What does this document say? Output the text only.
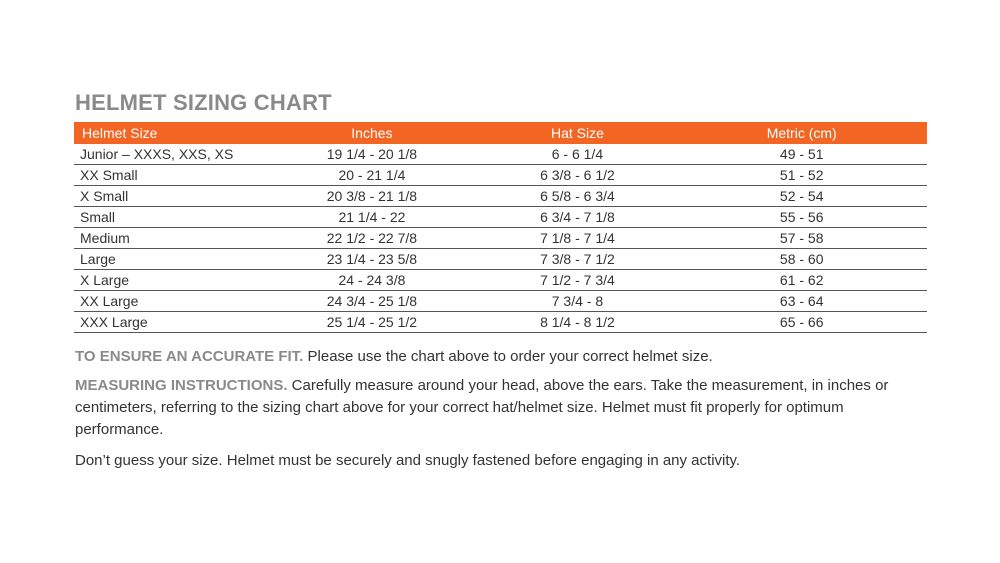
HELMET SIZING CHART
Helmet Size	Inches	Hat Size	Metric (cm)
Junior – XXXS, XXS, XS	19 1/4 - 20 1/8	6 - 6 1/4	49 - 51
XX Small	20 - 21 1/4	6 3/8 - 6 1/2	51 - 52
X Small	20 3/8 - 21 1/8	6 5/8 - 6 3/4	52 - 54
Small	21 1/4 - 22	6 3/4 - 7 1/8	55 - 56
Medium	22 1/2 - 22 7/8	7 1/8 - 7 1/4	57 - 58
Large	23 1/4 - 23 5/8	7 3/8 - 7 1/2	58 - 60
X Large	24 - 24 3/8	7 1/2 - 7 3/4	61 - 62
XX Large	24 3/4 - 25 1/8	7 3/4 - 8	63 - 64
XXX Large	25 1/4 - 25 1/2	8 1/4 - 8 1/2	65 - 66
TO ENSURE AN ACCURATE FIT. Please use the chart above to order your correct helmet size.
MEASURING INSTRUCTIONS. Carefully measure around your head, above the ears. Take the measurement, in inches or centimeters, referring to the sizing chart above for your correct hat/helmet size. Helmet must fit properly for optimum performance.
Don’t guess your size. Helmet must be securely and snugly fastened before engaging in any activity.
